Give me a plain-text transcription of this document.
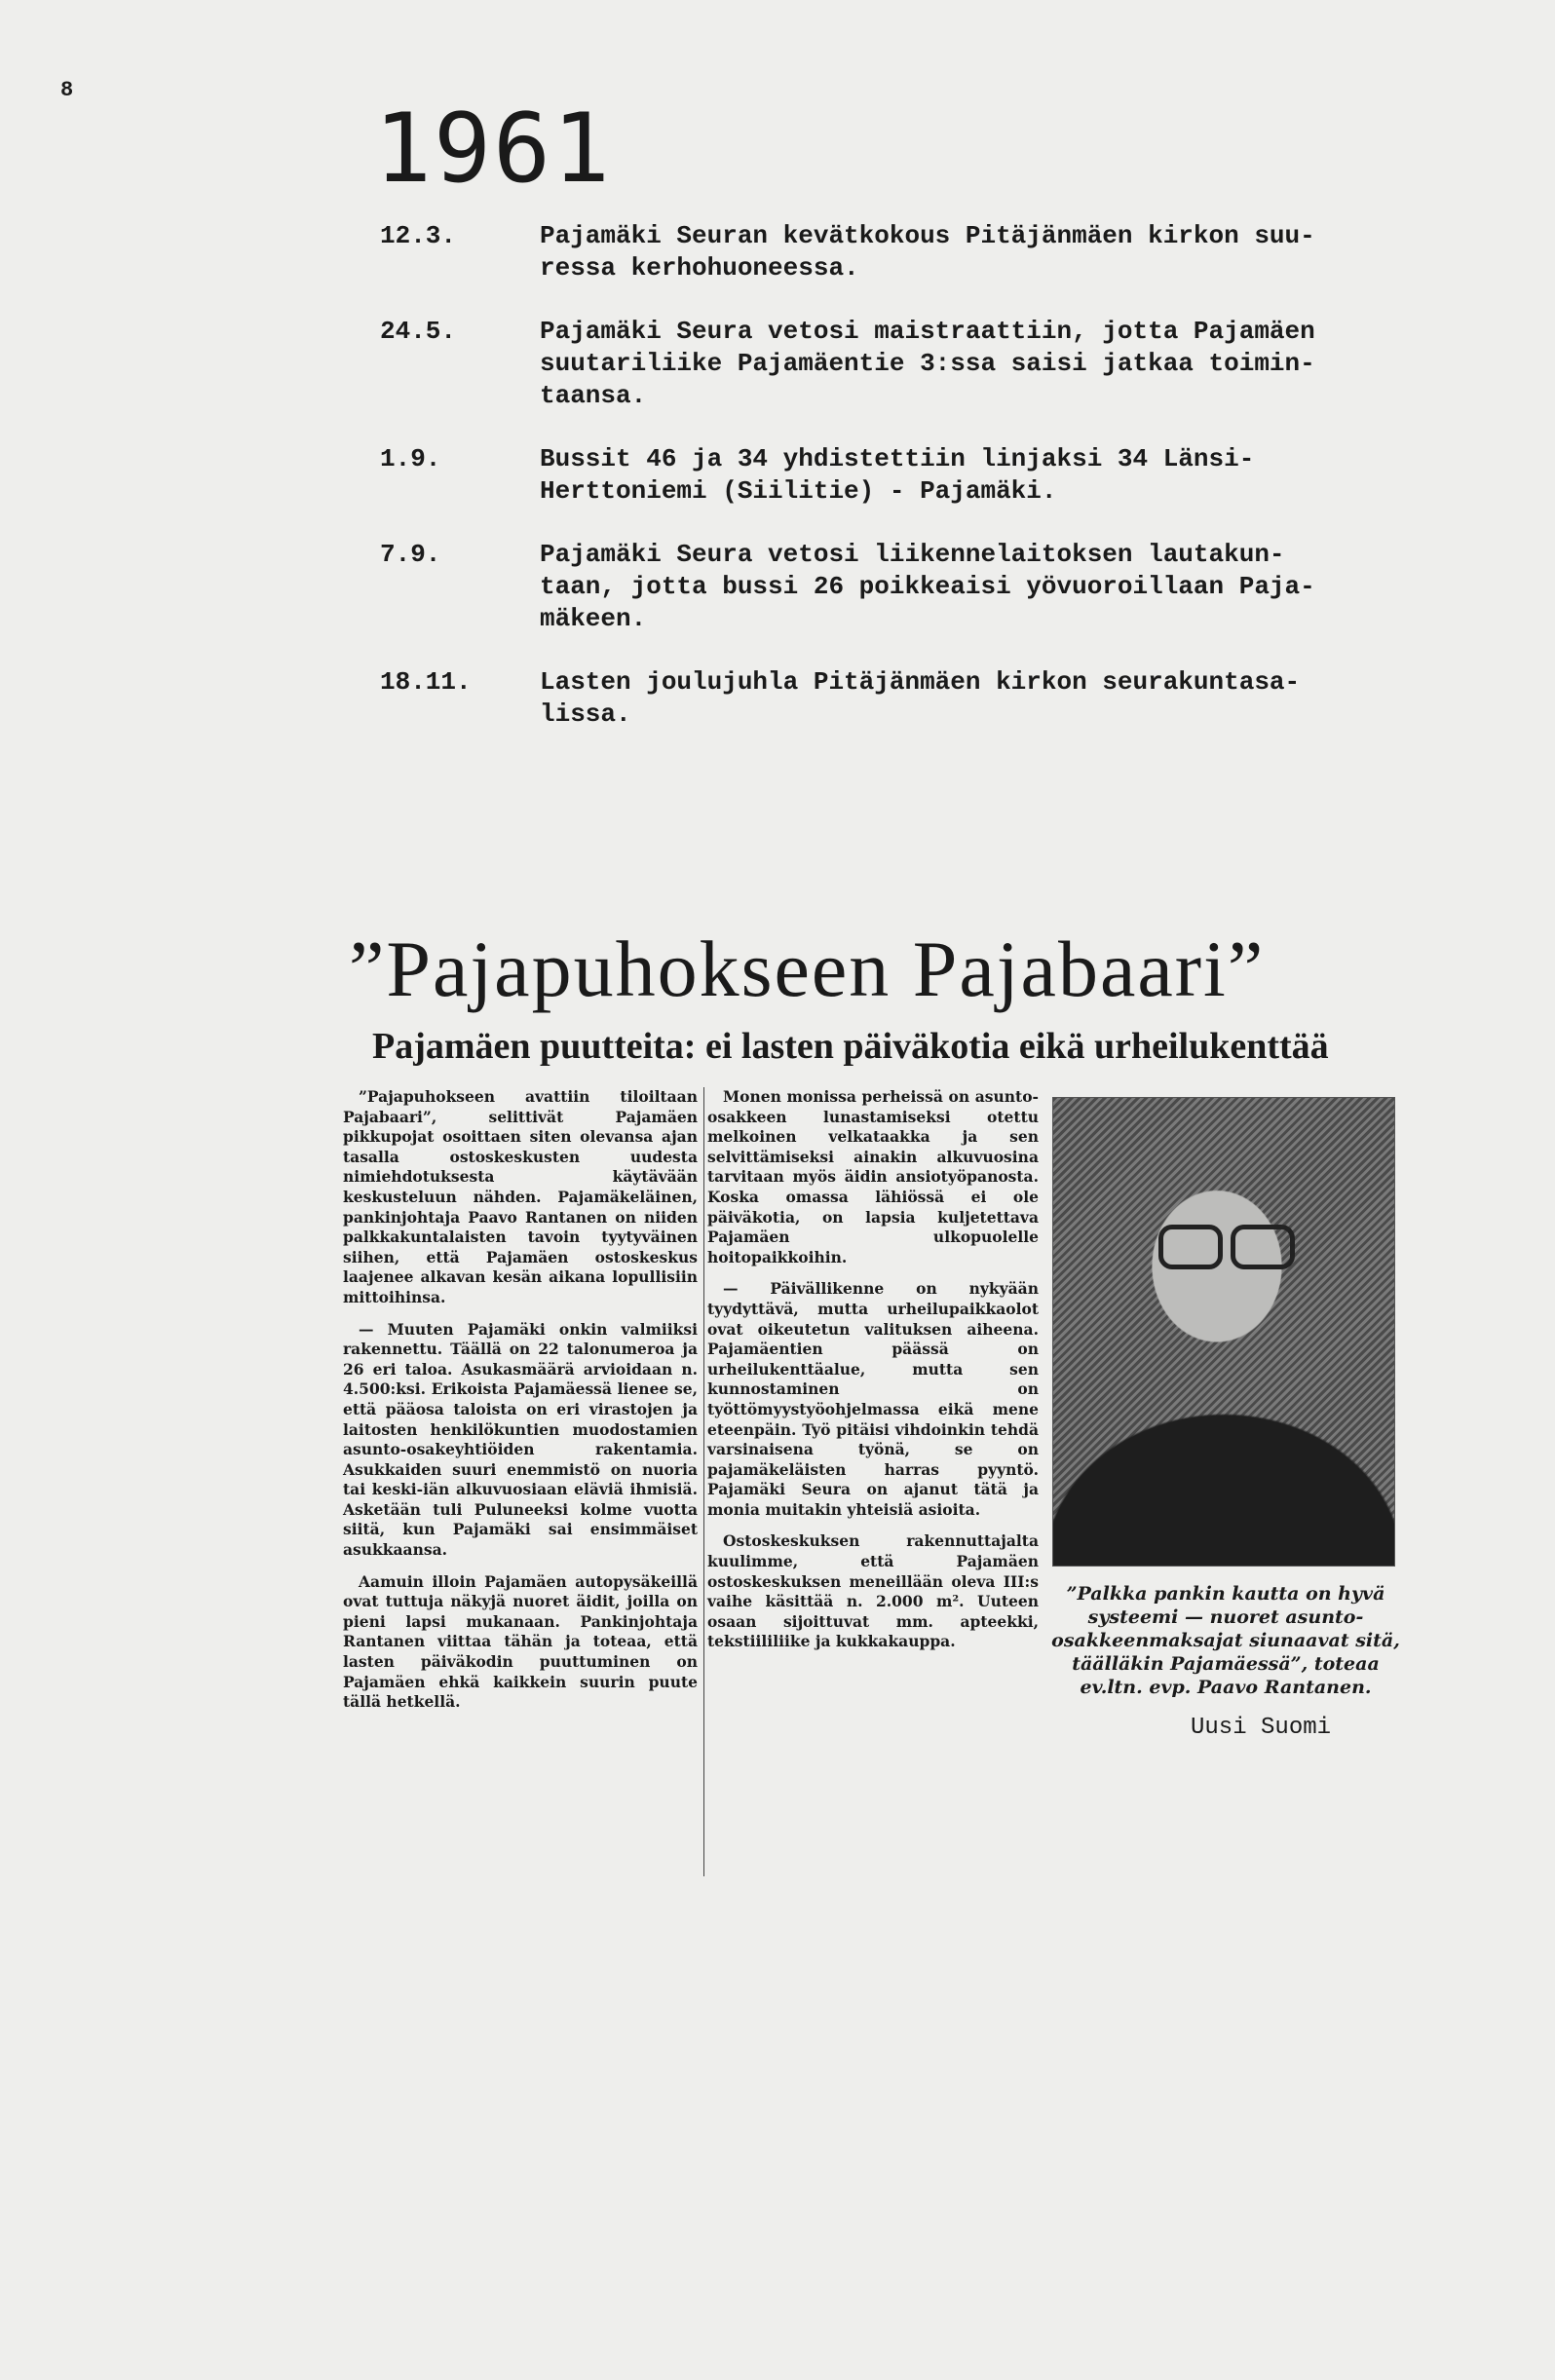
8
1961
12.3.	Pajamäki Seuran kevätkokous Pitäjänmäen kirkon suu-
ressa kerhohuoneessa.
24.5.	Pajamäki Seura vetosi maistraattiin, jotta Pajamäen
suutariliike Pajamäentie 3:ssa saisi jatkaa toimin-
taansa.
1.9.	Bussit 46 ja 34 yhdistettiin linjaksi 34 Länsi-
Herttoniemi (Siilitie) - Pajamäki.
7.9.	Pajamäki Seura vetosi liikennelaitoksen lautakun-
taan, jotta bussi 26 poikkeaisi yövuoroillaan Paja-
mäkeen.
18.11.	Lasten joulujuhla Pitäjänmäen kirkon seurakuntasa-
lissa.
”Pajapuhokseen Pajabaari”
Pajamäen puutteita: ei lasten päiväkotia eikä urheilukenttää

”Pajapuhokseen avattiin tiloiltaan Pajabaari”, selittivät Pajamäen pikkupojat osoittaen siten olevansa ajan tasalla ostoskeskusten uudesta nimiehdotuksesta käytävään keskusteluun nähden. Pajamäkeläinen, pankinjohtaja Paavo Rantanen on niiden palkkakuntalaisten tavoin tyytyväinen siihen, että Pajamäen ostoskeskus laajenee alkavan kesän aikana lopullisiin mittoihinsa.

— Muuten Pajamäki onkin valmiiksi rakennettu. Täällä on 22 talonumeroa ja 26 eri taloa. Asukasmäärä arvioidaan n. 4.500:ksi. Erikoista Pajamäessä lienee se, että pääosa taloista on eri virastojen ja laitosten henkilökuntien muodostamien asunto-osakeyhtiöiden rakentamia. Asukkaiden suuri enemmistö on nuoria tai keski-iän alkuvuosiaan eläviä ihmisiä. Asketään tuli Puluneeksi kolme vuotta siitä, kun Pajamäki sai ensimmäiset asukkaansa.

Aamuin illoin Pajamäen autopysäkeillä ovat tuttuja näkyjä nuoret äidit, joilla on pieni lapsi mukanaan. Pankinjohtaja Rantanen viittaa tähän ja toteaa, että lasten päiväkodin puuttuminen on Pajamäen ehkä kaikkein suurin puute tällä hetkellä.

Monen monissa perheissä on asunto-osakkeen lunastamiseksi otettu melkoinen velkataakka ja sen selvittämiseksi ainakin alkuvuosina tarvitaan myös äidin ansiotyöpanosta. Koska omassa lähiössä ei ole päiväkotia, on lapsia kuljetettava Pajamäen ulkopuolelle hoitopaikkoihin.

— Päivällikenne on nykyään tyydyttävä, mutta urheilupaikkaolot ovat oikeutetun valituksen aiheena. Pajamäentien päässä on urheilukenttäalue, mutta sen kunnostaminen on työttömyystyöohjelmassa eikä mene eteenpäin. Työ pitäisi vihdoinkin tehdä varsinaisena työnä, se on pajamäkeläisten harras pyyntö. Pajamäki Seura on ajanut tätä ja monia muitakin yhteisiä asioita.

Ostoskeskuksen rakennuttajalta kuulimme, että Pajamäen ostoskeskuksen meneillään oleva III:s vaihe käsittää n. 2.000 m². Uuteen osaan sijoittuvat mm. apteekki, tekstiililiike ja kukkakauppa.

”Palkka pankin kautta on hyvä systeemi — nuoret asunto-osakkeenmaksajat siunaavat sitä, täälläkin Pajamäessä”, toteaa ev.ltn. evp. Paavo Rantanen.
Uusi Suomi
